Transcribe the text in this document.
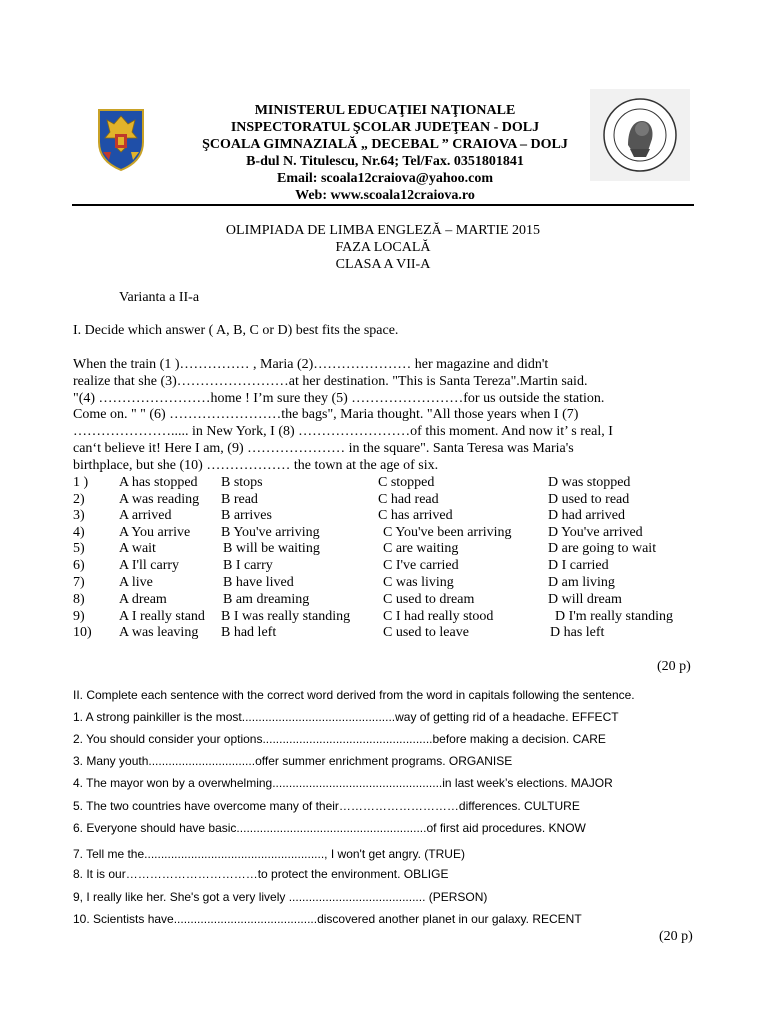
MINISTERUL EDUCAŢIEI NAŢIONALE
INSPECTORATUL ŞCOLAR JUDEŢEAN - DOLJ
ŞCOALA GIMNAZIALĂ „ DECEBAL ” CRAIOVA – DOLJ
B-dul N. Titulescu, Nr.64; Tel/Fax. 0351801841
Email: scoala12craiova@yahoo.com
Web: www.scoala12craiova.ro
OLIMPIADA DE LIMBA ENGLEZĂ – MARTIE 2015
FAZA LOCALĂ
CLASA A VII-A
Varianta a II-a
I. Decide which answer ( A, B, C or D) best fits the space.
When the train (1 )…………… , Maria (2)………………… her magazine and didn't
realize that she (3)……………………at her destination. "This is Santa Tereza".Martin said.
"(4) ……………………home ! I’m sure they (5) ……………………for us outside the station.
Come on. " " (6) ……………………the bags", Maria thought. "All those years when I (7)
…………………..... in New York, I (8) ……………………of this moment. And now it’ s real, I
can‘t believe it! Here I am, (9) ………………… in the square". Santa Teresa was Maria's
birthplace, but she (10) ……………… the town at the age of six.
1 ) A has stopped B stops	C stopped	D was stopped
2) A was reading B read	C had read	D used to read
3) A arrived	B arrives	C has arrived	D had arrived
4) A You arrive B You've arriving	C You've been arriving	D You've arrived
5) A wait	B will be waiting	C are waiting	D are going to wait
6) A I'll carry	B I carry	C I've carried	D I carried
7) A live	B have lived	C was living	D am living
8) A dream	B am dreaming	C used to dream	D will dream
9) A I really stand B I was really standing C I had really stood	D I'm really standing
10) A was leaving B had left	C used to leave	D has left
(20 p)
II. Complete each sentence with the correct word derived from the word in capitals following the sentence.
1. A strong painkiller is the most..............................................way of getting rid of a headache. EFFECT
2. You should consider your options...................................................before making a decision. CARE
3. Many youth................................offer summer enrichment programs. ORGANISE
4. The mayor won by a overwhelming...................................................in last week’s elections. MAJOR
5. The two countries have overcome many of their…………………………differences. CULTURE
6. Everyone should have basic.........................................................of first aid procedures. KNOW
7. Tell me the......................................................, I won't get angry. (TRUE)
8. It is our……………………………to protect the environment. OBLIGE
9, I really like her. She's got a very lively ......................................... (PERSON)
10. Scientists have...........................................discovered another planet in our galaxy. RECENT
(20 p)
